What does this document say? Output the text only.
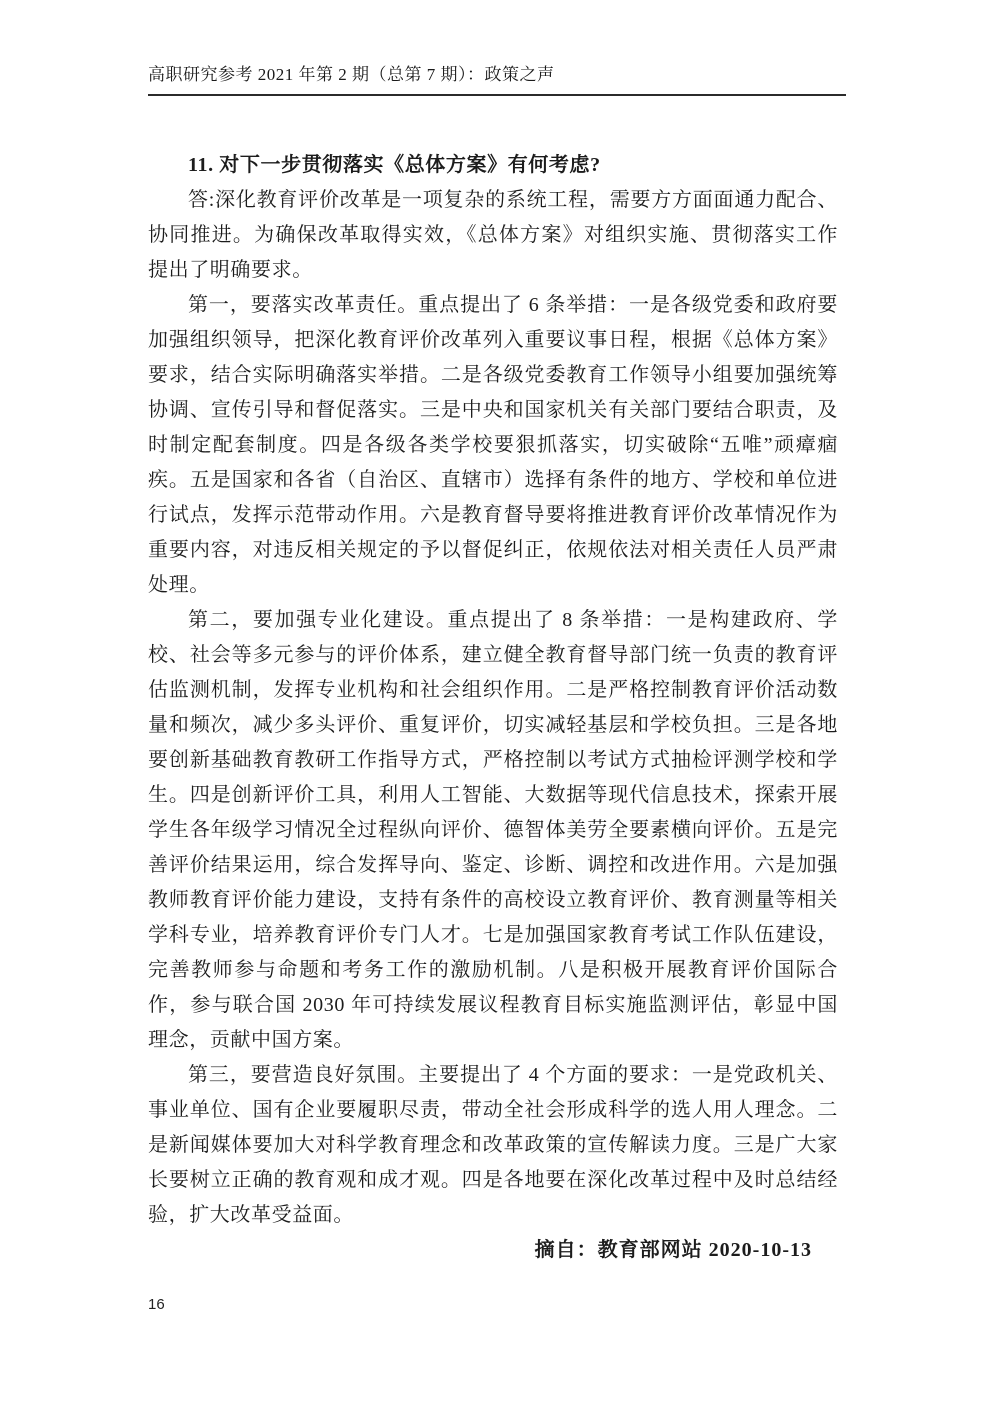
高职研究参考 2021 年第 2 期（总第 7 期）：政策之声

11. 对下一步贯彻落实《总体方案》有何考虑?

答:深化教育评价改革是一项复杂的系统工程，需要方方面面通力配合、协同推进。为确保改革取得实效，《总体方案》对组织实施、贯彻落实工作提出了明确要求。

第一，要落实改革责任。重点提出了 6 条举措：一是各级党委和政府要加强组织领导，把深化教育评价改革列入重要议事日程，根据《总体方案》要求，结合实际明确落实举措。二是各级党委教育工作领导小组要加强统筹协调、宣传引导和督促落实。三是中央和国家机关有关部门要结合职责，及时制定配套制度。四是各级各类学校要狠抓落实，切实破除“五唯”顽瘴痼疾。五是国家和各省（自治区、直辖市）选择有条件的地方、学校和单位进行试点，发挥示范带动作用。六是教育督导要将推进教育评价改革情况作为重要内容，对违反相关规定的予以督促纠正，依规依法对相关责任人员严肃处理。

第二，要加强专业化建设。重点提出了 8 条举措：一是构建政府、学校、社会等多元参与的评价体系，建立健全教育督导部门统一负责的教育评估监测机制，发挥专业机构和社会组织作用。二是严格控制教育评价活动数量和频次，减少多头评价、重复评价，切实减轻基层和学校负担。三是各地要创新基础教育教研工作指导方式，严格控制以考试方式抽检评测学校和学生。四是创新评价工具，利用人工智能、大数据等现代信息技术，探索开展学生各年级学习情况全过程纵向评价、德智体美劳全要素横向评价。五是完善评价结果运用，综合发挥导向、鉴定、诊断、调控和改进作用。六是加强教师教育评价能力建设，支持有条件的高校设立教育评价、教育测量等相关学科专业，培养教育评价专门人才。七是加强国家教育考试工作队伍建设，完善教师参与命题和考务工作的激励机制。八是积极开展教育评价国际合作，参与联合国 2030 年可持续发展议程教育目标实施监测评估，彰显中国理念，贡献中国方案。

第三，要营造良好氛围。主要提出了 4 个方面的要求：一是党政机关、事业单位、国有企业要履职尽责，带动全社会形成科学的选人用人理念。二是新闻媒体要加大对科学教育理念和改革政策的宣传解读力度。三是广大家长要树立正确的教育观和成才观。四是各地要在深化改革过程中及时总结经验，扩大改革受益面。

摘自：教育部网站 2020-10-13

16
